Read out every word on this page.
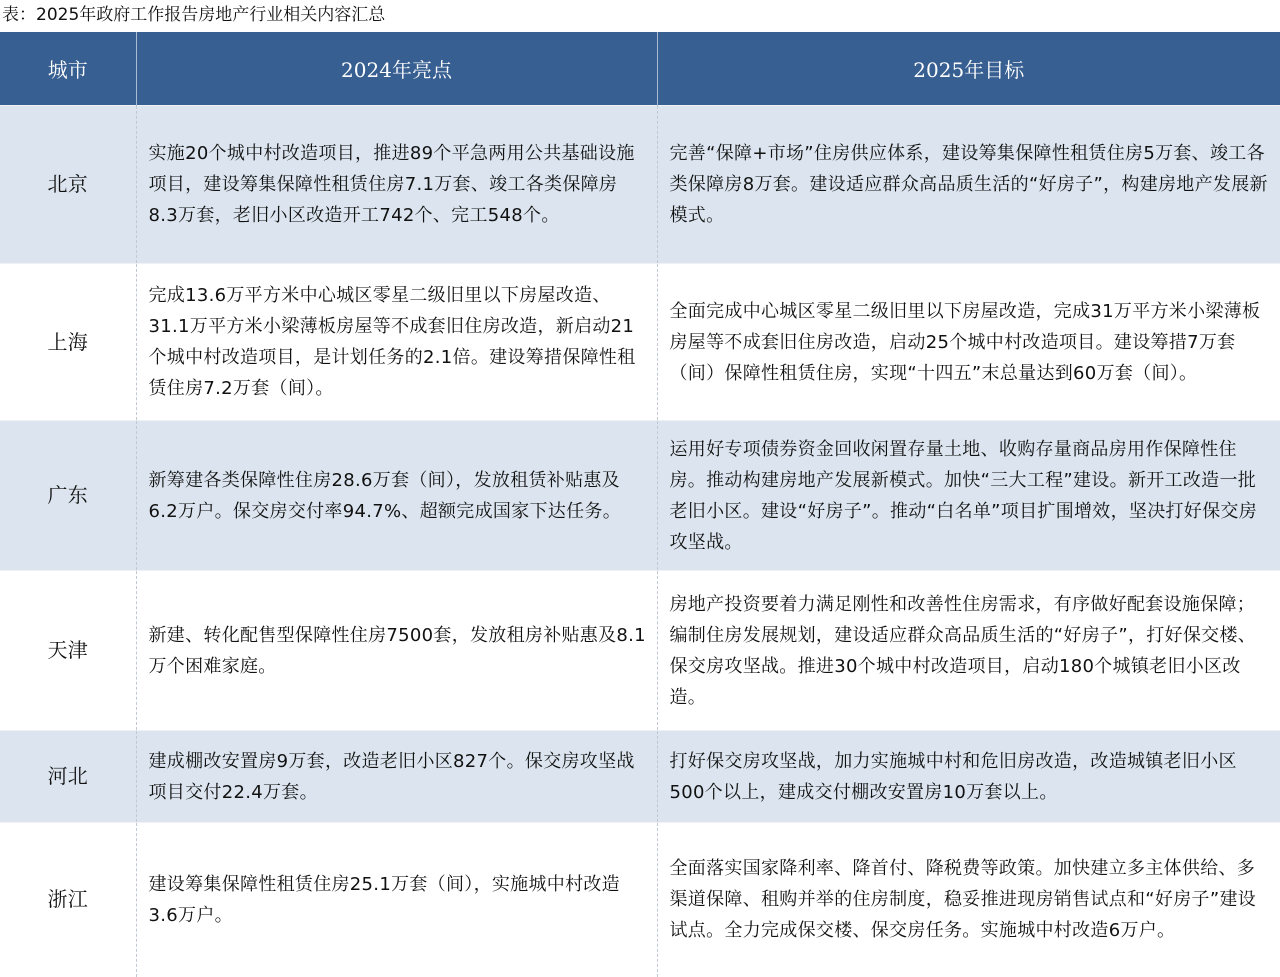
表：2025年政府工作报告房地产行业相关内容汇总
城市	2024年亮点	2025年目标
北京	实施20个城中村改造项目，推进89个平急两用公共基础设施项目，建设筹集保障性租赁住房7.1万套、竣工各类保障房8.3万套，老旧小区改造开工742个、完工548个。	完善“保障+市场”住房供应体系，建设筹集保障性租赁住房5万套、竣工各类保障房8万套。建设适应群众高品质生活的“好房子”，构建房地产发展新模式。
上海	完成13.6万平方米中心城区零星二级旧里以下房屋改造、31.1万平方米小梁薄板房屋等不成套旧住房改造，新启动21个城中村改造项目，是计划任务的2.1倍。建设筹措保障性租赁住房7.2万套（间）。	全面完成中心城区零星二级旧里以下房屋改造，完成31万平方米小梁薄板房屋等不成套旧住房改造，启动25个城中村改造项目。建设筹措7万套（间）保障性租赁住房，实现“十四五”末总量达到60万套（间）。
广东	新筹建各类保障性住房28.6万套（间），发放租赁补贴惠及6.2万户。保交房交付率94.7%、超额完成国家下达任务。	运用好专项债券资金回收闲置存量土地、收购存量商品房用作保障性住房。推动构建房地产发展新模式。加快“三大工程”建设。新开工改造一批老旧小区。建设“好房子”。推动“白名单”项目扩围增效，坚决打好保交房攻坚战。
天津	新建、转化配售型保障性住房7500套，发放租房补贴惠及8.1万个困难家庭。	房地产投资要着力满足刚性和改善性住房需求，有序做好配套设施保障；编制住房发展规划，建设适应群众高品质生活的“好房子”，打好保交楼、保交房攻坚战。推进30个城中村改造项目，启动180个城镇老旧小区改造。
河北	建成棚改安置房9万套，改造老旧小区827个。保交房攻坚战项目交付22.4万套。	打好保交房攻坚战，加力实施城中村和危旧房改造，改造城镇老旧小区500个以上，建成交付棚改安置房10万套以上。
浙江	建设筹集保障性租赁住房25.1万套（间），实施城中村改造3.6万户。	全面落实国家降利率、降首付、降税费等政策。加快建立多主体供给、多渠道保障、租购并举的住房制度，稳妥推进现房销售试点和“好房子”建设试点。全力完成保交楼、保交房任务。实施城中村改造6万户。
